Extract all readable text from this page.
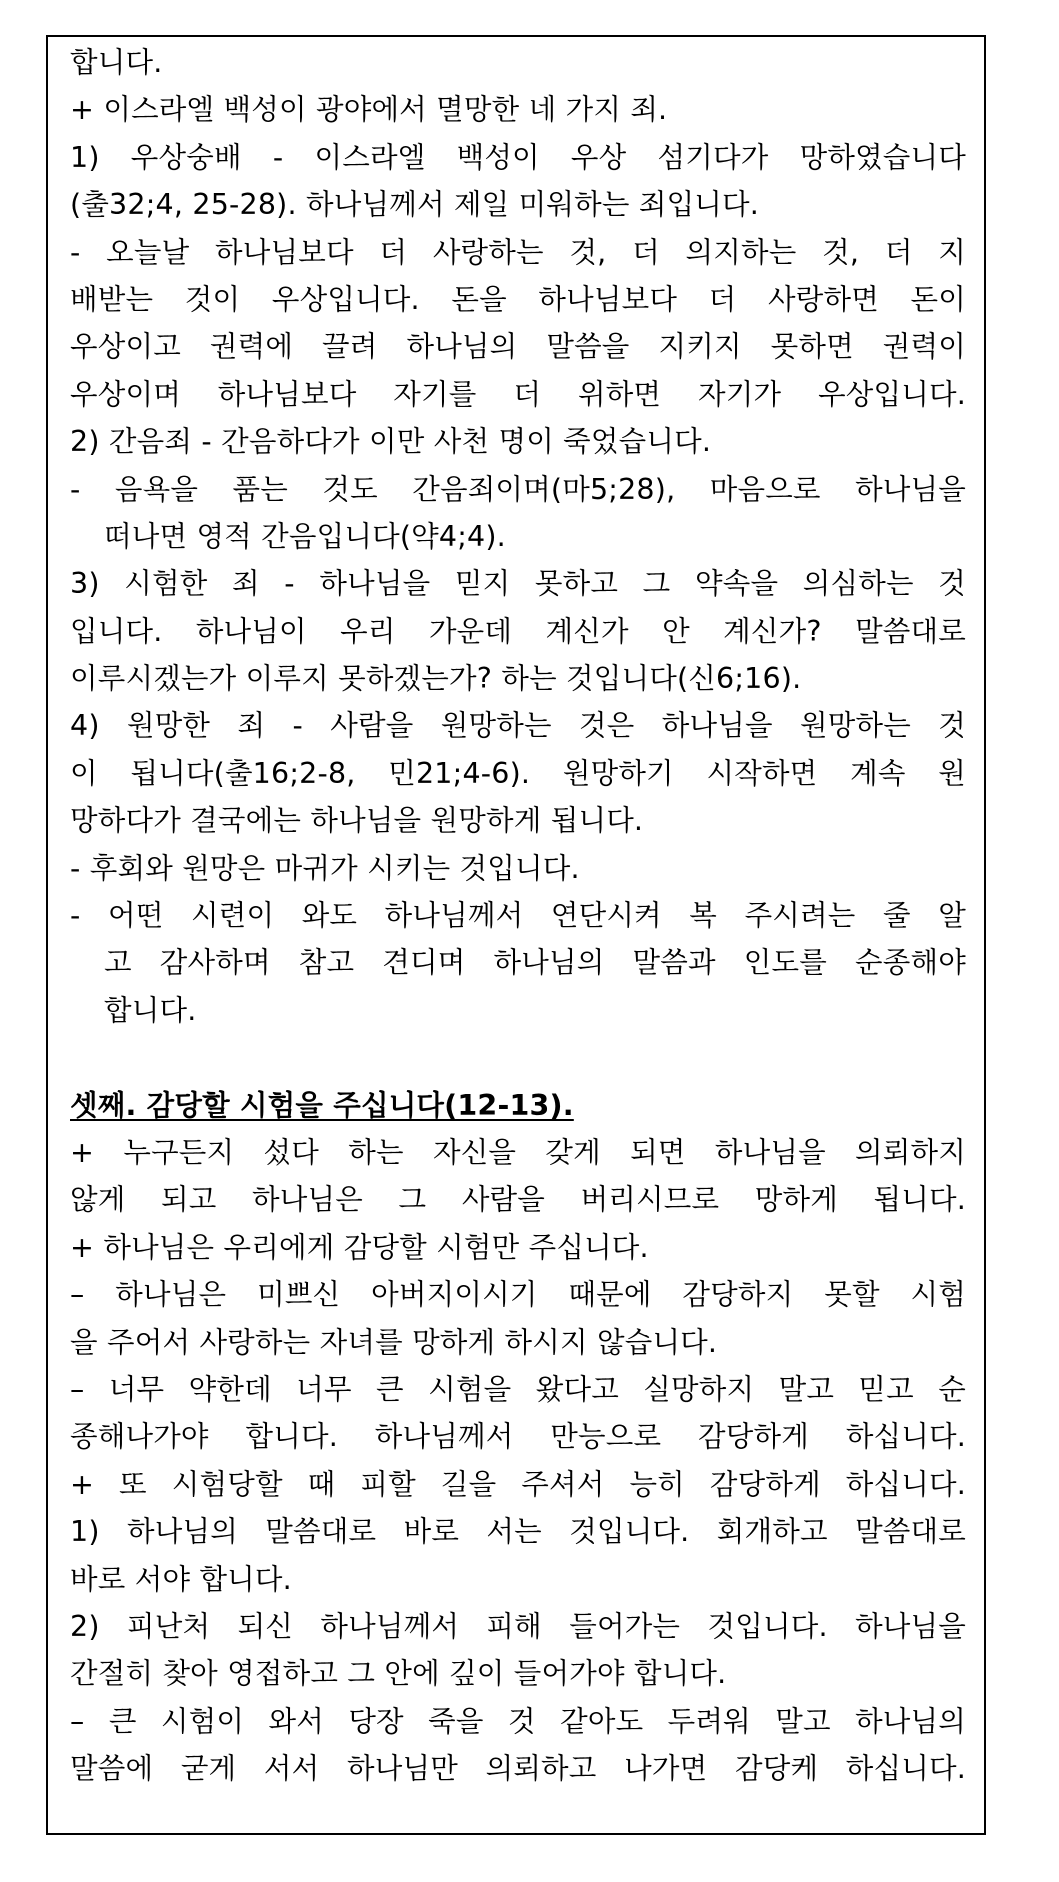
합니다.
+ 이스라엘 백성이 광야에서 멸망한 네 가지 죄.
1) 우상숭배 - 이스라엘 백성이 우상 섬기다가 망하였습니다
(출32;4, 25-28). 하나님께서 제일 미워하는 죄입니다.
- 오늘날 하나님보다 더 사랑하는 것, 더 의지하는 것, 더 지
배받는 것이 우상입니다. 돈을 하나님보다 더 사랑하면 돈이
우상이고 권력에 끌려 하나님의 말씀을 지키지 못하면 권력이
우상이며 하나님보다 자기를 더 위하면 자기가 우상입니다.
2) 간음죄 - 간음하다가 이만 사천 명이 죽었습니다.
- 음욕을 품는 것도 간음죄이며(마5;28), 마음으로 하나님을
떠나면 영적 간음입니다(약4;4).
3) 시험한 죄 - 하나님을 믿지 못하고 그 약속을 의심하는 것
입니다. 하나님이 우리 가운데 계신가 안 계신가? 말씀대로
이루시겠는가 이루지 못하겠는가? 하는 것입니다(신6;16).
4) 원망한 죄 - 사람을 원망하는 것은 하나님을 원망하는 것
이 됩니다(출16;2-8, 민21;4-6). 원망하기 시작하면 계속 원
망하다가 결국에는 하나님을 원망하게 됩니다.
- 후회와 원망은 마귀가 시키는 것입니다.
- 어떤 시련이 와도 하나님께서 연단시켜 복 주시려는 줄 알
고 감사하며 참고 견디며 하나님의 말씀과 인도를 순종해야
합니다.
셋째. 감당할 시험을 주십니다(12-13).
+ 누구든지 섰다 하는 자신을 갖게 되면 하나님을 의뢰하지
않게 되고 하나님은 그 사람을 버리시므로 망하게 됩니다.
+ 하나님은 우리에게 감당할 시험만 주십니다.
– 하나님은 미쁘신 아버지이시기 때문에 감당하지 못할 시험
을 주어서 사랑하는 자녀를 망하게 하시지 않습니다.
– 너무 약한데 너무 큰 시험을 왔다고 실망하지 말고 믿고 순
종해나가야 합니다. 하나님께서 만능으로 감당하게 하십니다.
+ 또 시험당할 때 피할 길을 주셔서 능히 감당하게 하십니다.
1) 하나님의 말씀대로 바로 서는 것입니다. 회개하고 말씀대로
바로 서야 합니다.
2) 피난처 되신 하나님께서 피해 들어가는 것입니다. 하나님을
간절히 찾아 영접하고 그 안에 깊이 들어가야 합니다.
– 큰 시험이 와서 당장 죽을 것 같아도 두려워 말고 하나님의
말씀에 굳게 서서 하나님만 의뢰하고 나가면 감당케 하십니다.
